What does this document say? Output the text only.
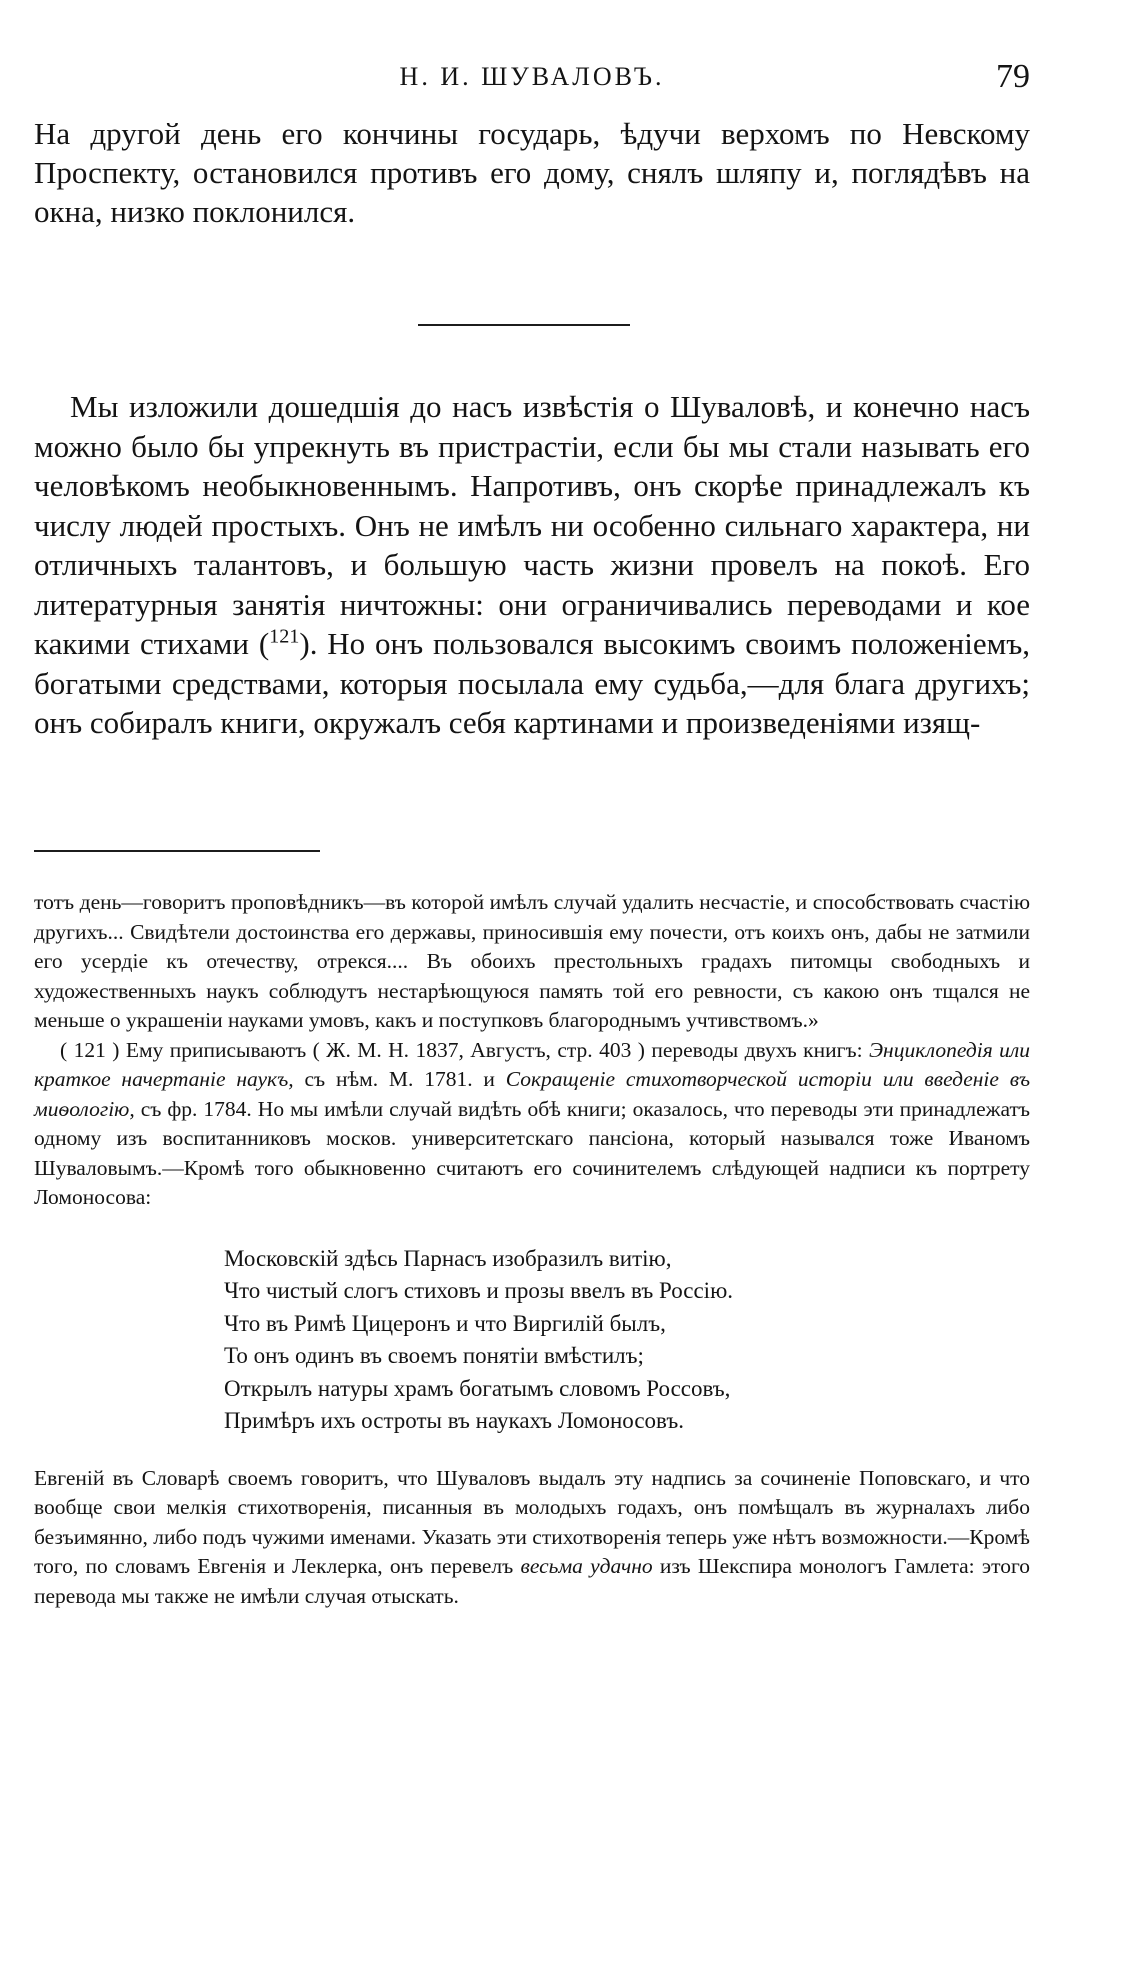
Н. И. ШУВАЛОВЪ.	79

На другой день его кончины государь, ѣдучи верхомъ по Невскому Проспекту, остановился противъ его дому, снялъ шляпу и, поглядѣвъ на окна, низко поклонился.

Мы изложили дошедшія до насъ извѣстія о Шуваловѣ, и конечно насъ можно было бы упрекнуть въ пристрастіи, если бы мы стали называть его человѣкомъ необыкновеннымъ. Напротивъ, онъ скорѣе принадлежалъ къ числу людей простыхъ. Онъ не имѣлъ ни особенно сильнаго характера, ни отличныхъ талантовъ, и большую часть жизни провелъ на покоѣ. Его литературныя занятія ничтожны: они ограничивались переводами и кое какими стихами ($^{121}$). Но онъ пользовался высокимъ своимъ положеніемъ, богатыми средствами, которыя посылала ему судьба,—для блага другихъ; онъ собиралъ книги, окружалъ себя картинами и произведеніями изящ-

тотъ день—говоритъ проповѣдникъ—въ которой имѣлъ случай удалить несчастіе, и способствовать счастію другихъ... Свидѣтели достоинства его державы, приносившія ему почести, отъ коихъ онъ, дабы не затмили его усердіе къ отечеству, отрекся.... Въ обоихъ престольныхъ градахъ питомцы свободныхъ и художественныхъ наукъ соблюдутъ нестарѣющуюся память той его ревности, съ какою онъ тщался не меньше о украшеніи науками умовъ, какъ и поступковъ благороднымъ учтивствомъ.»

( 121 ) Ему приписываютъ ( Ж. М. Н. 1837, Августъ, стр. 403 ) переводы двухъ книгъ: Энциклопедія или краткое начертаніе наукъ, съ нѣм. М. 1781. и Сокращеніе стихотворческой исторіи или введеніе въ миѳологію, съ фр. 1784. Но мы имѣли случай видѣть обѣ книги; оказалось, что переводы эти принадлежатъ одному изъ воспитанниковъ москов. университетскаго пансіона, который назывался тоже Иваномъ Шуваловымъ.—Кромѣ того обыкновенно считаютъ его сочинителемъ слѣдующей надписи къ портрету Ломоносова:

Московскій здѣсь Парнасъ изобразилъ витію,
Что чистый слогъ стиховъ и прозы ввелъ въ Россію.
Что въ Римѣ Цицеронъ и что Виргилій былъ,
То онъ одинъ въ своемъ понятіи вмѣстилъ;
Открылъ натуры храмъ богатымъ словомъ Россовъ,
Примѣръ ихъ остроты въ наукахъ Ломоносовъ.

Евгеній въ Словарѣ своемъ говоритъ, что Шуваловъ выдалъ эту надпись за сочиненіе Поповскаго, и что вообще свои мелкія стихотворенія, писанныя въ молодыхъ годахъ, онъ помѣщалъ въ журналахъ либо безъимянно, либо подъ чужими именами. Указать эти стихотворенія теперь уже нѣтъ возможности.—Кромѣ того, по словамъ Евгенія и Леклерка, онъ перевелъ весьма удачно изъ Шекспира монологъ Гамлета: этого перевода мы также не имѣли случая отыскать.
